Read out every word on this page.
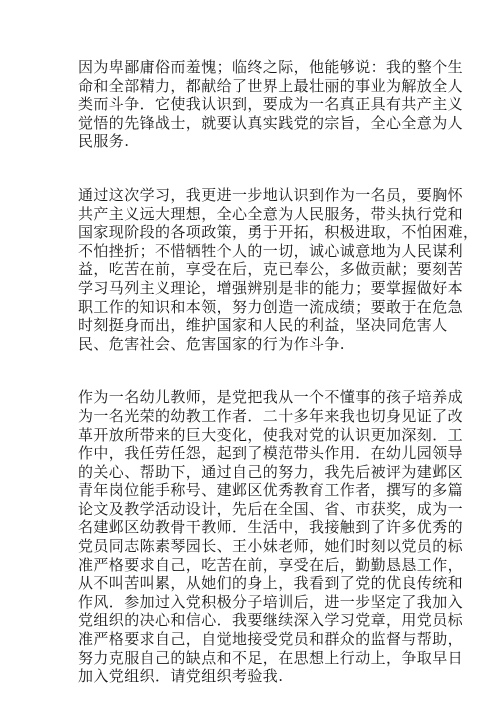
因为卑鄙庸俗而羞愧；临终之际，他能够说：我的整个生
命和全部精力，都献给了世界上最壮丽的事业为解放全人
类而斗争．它使我认识到，要成为一名真正具有共产主义
觉悟的先锋战士，就要认真实践党的宗旨，全心全意为人
民服务.

通过这次学习，我更进一步地认识到作为一名员，要胸怀
共产主义远大理想，全心全意为人民服务，带头执行党和
国家现阶段的各项政策，勇于开拓，积极进取，不怕困难，
不怕挫折；不惜牺牲个人的一切，诚心诚意地为人民谋利
益，吃苦在前，享受在后，克已奉公，多做贡献；要刻苦
学习马列主义理论，增强辨别是非的能力；要掌握做好本
职工作的知识和本领，努力创造一流成绩；要敢于在危急
时刻挺身而出，维护国家和人民的利益，坚决同危害人
民、危害社会、危害国家的行为作斗争.

作为一名幼儿教师，是党把我从一个不懂事的孩子培养成
为一名光荣的幼教工作者．二十多年来我也切身见证了改
革开放所带来的巨大变化，使我对党的认识更加深刻．工
作中，我任劳任怨，起到了模范带头作用．在幼儿园领导
的关心、帮助下，通过自己的努力，我先后被评为建邺区
青年岗位能手称号、建邺区优秀教育工作者，撰写的多篇
论文及教学活动设计，先后在全国、省、市获奖，成为一
名建邺区幼教骨干教师．生活中，我接触到了许多优秀的
党员同志陈素琴园长、王小妹老师，她们时刻以党员的标
准严格要求自己，吃苦在前，享受在后，勤勤恳恳工作，
从不叫苦叫累，从她们的身上，我看到了党的优良传统和
作风．参加过入党积极分子培训后，进一步坚定了我加入
党组织的决心和信心．我要继续深入学习党章，用党员标
准严格要求自己，自觉地接受党员和群众的监督与帮助，
努力克服自己的缺点和不足，在思想上行动上，争取早日
加入党组织．请党组织考验我.
